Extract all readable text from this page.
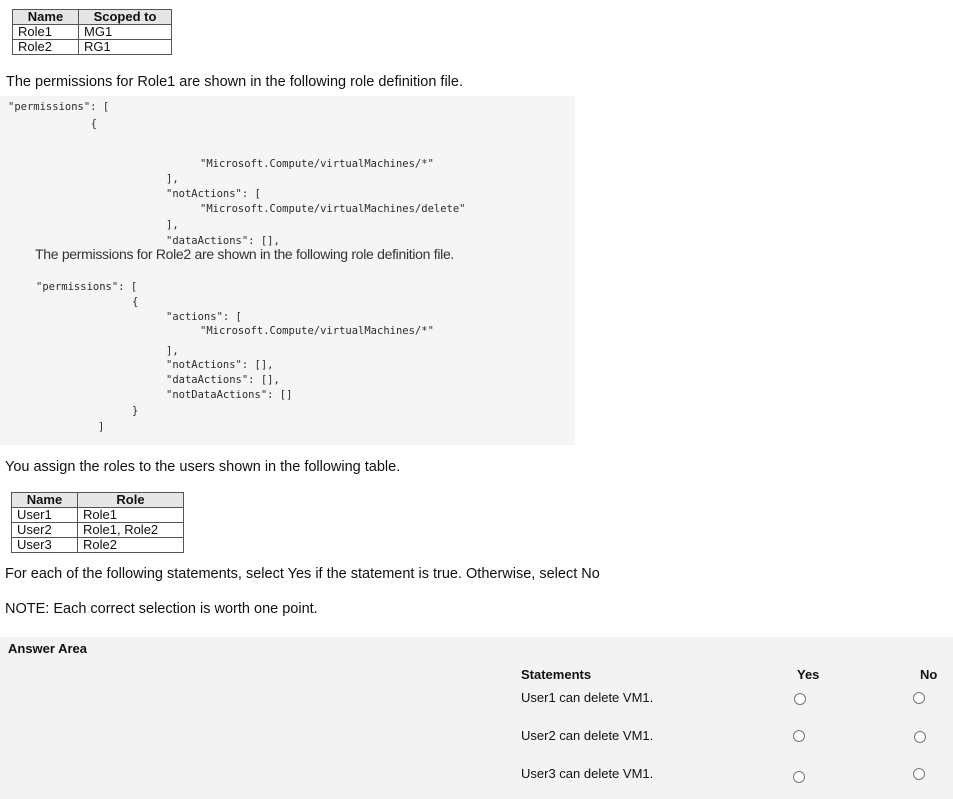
Name	Scoped to
Role1	MG1
Role2	RG1
The permissions for Role1 are shown in the following role definition file.
"permissions": [
{
"Microsoft.Compute/virtualMachines/*"
],
"notActions": [
"Microsoft.Compute/virtualMachines/delete"
],
"dataActions": [],
The permissions for Role2 are shown in the following role definition file.
"permissions": [
{
"actions": [
"Microsoft.Compute/virtualMachines/*"
],
"notActions": [],
"dataActions": [],
"notDataActions": []
}
]
You assign the roles to the users shown in the following table.
Name	Role
User1	Role1
User2	Role1, Role2
User3	Role2
For each of the following statements, select Yes if the statement is true. Otherwise, select No
NOTE: Each correct selection is worth one point.
Answer Area
Statements	Yes	No
User1 can delete VM1.
User2 can delete VM1.
User3 can delete VM1.
